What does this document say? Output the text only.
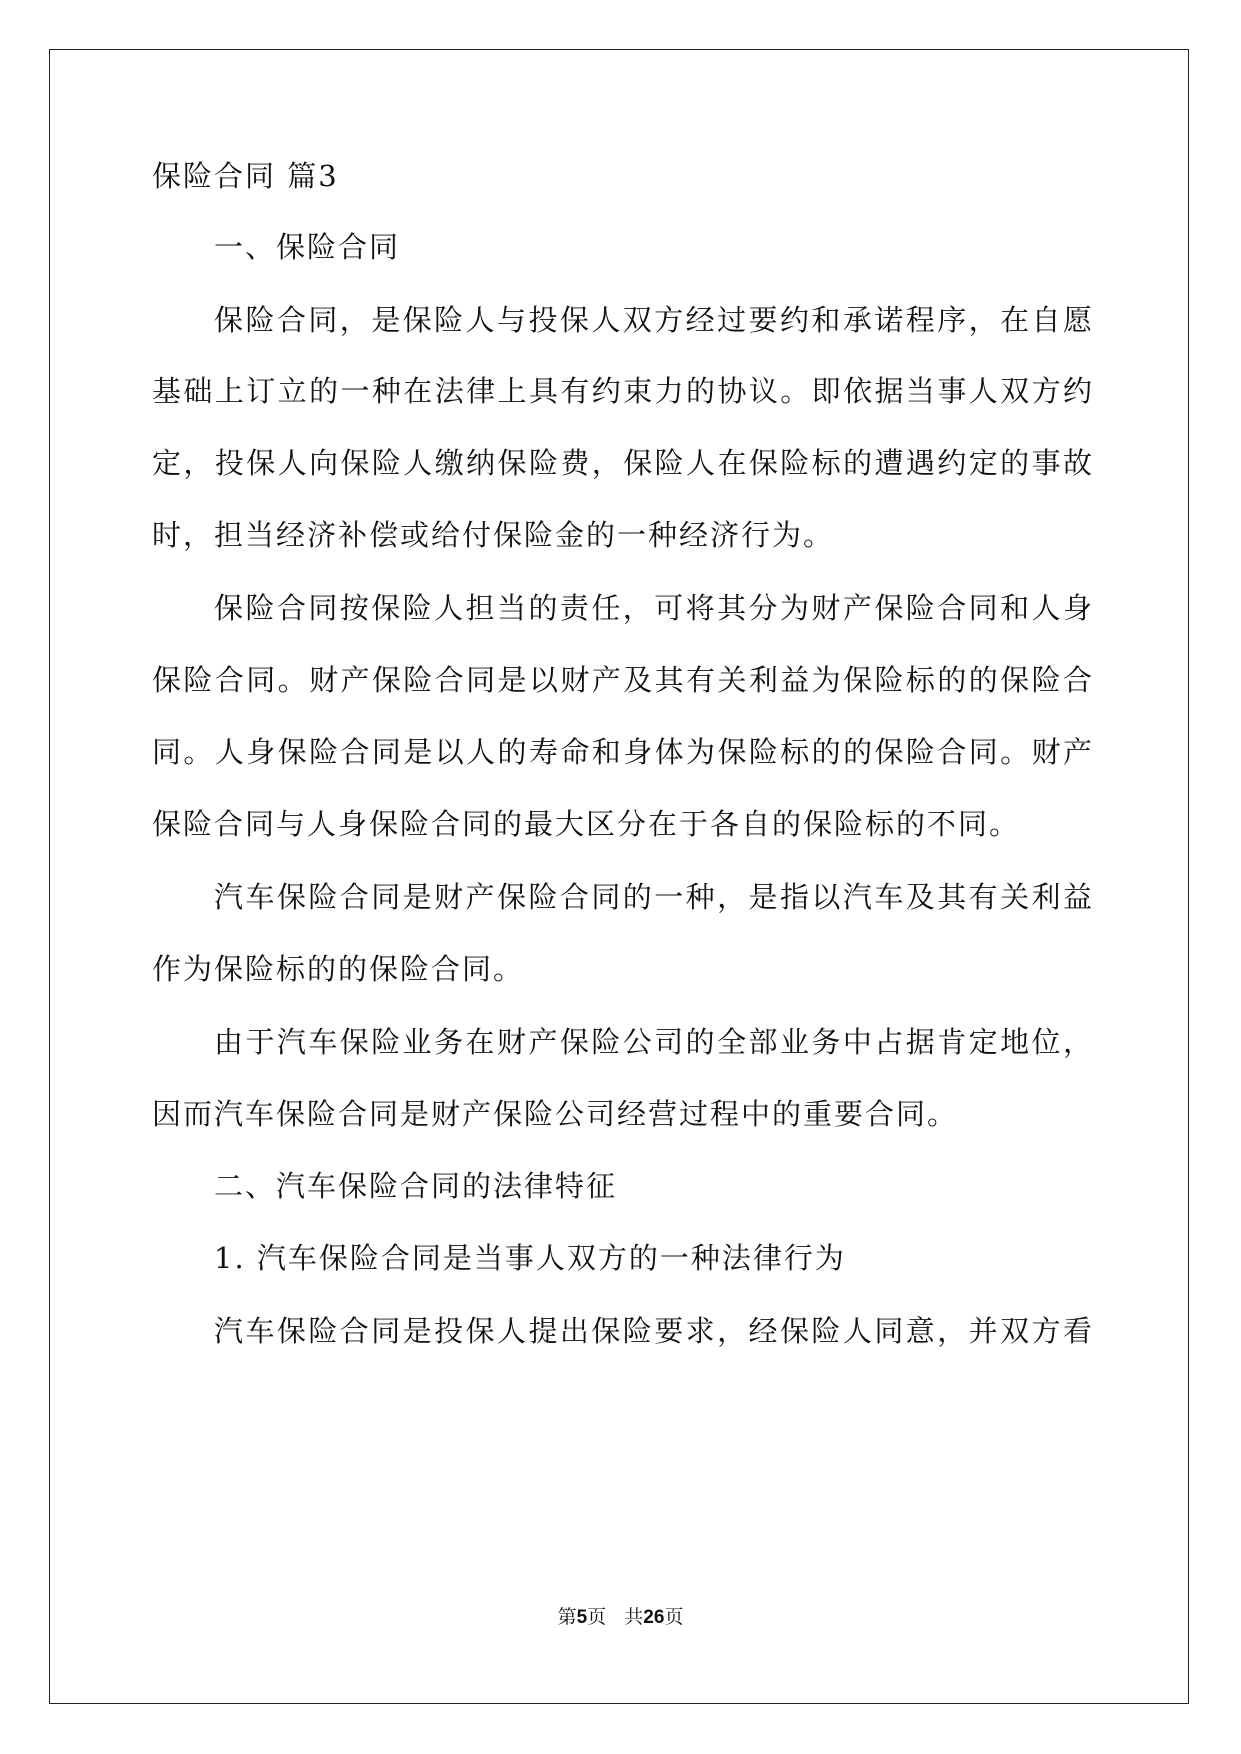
保险合同 篇3
一、保险合同
保险合同，是保险人与投保人双方经过要约和承诺程序，在自愿
基础上订立的一种在法律上具有约束力的协议。即依据当事人双方约
定，投保人向保险人缴纳保险费，保险人在保险标的遭遇约定的事故
时，担当经济补偿或给付保险金的一种经济行为。
保险合同按保险人担当的责任，可将其分为财产保险合同和人身
保险合同。财产保险合同是以财产及其有关利益为保险标的的保险合
同。人身保险合同是以人的寿命和身体为保险标的的保险合同。财产
保险合同与人身保险合同的最大区分在于各自的保险标的不同。
汽车保险合同是财产保险合同的一种，是指以汽车及其有关利益
作为保险标的的保险合同。
由于汽车保险业务在财产保险公司的全部业务中占据肯定地位，
因而汽车保险合同是财产保险公司经营过程中的重要合同。
二、汽车保险合同的法律特征
1. 汽车保险合同是当事人双方的一种法律行为
汽车保险合同是投保人提出保险要求，经保险人同意，并双方看
第5页 共26页
